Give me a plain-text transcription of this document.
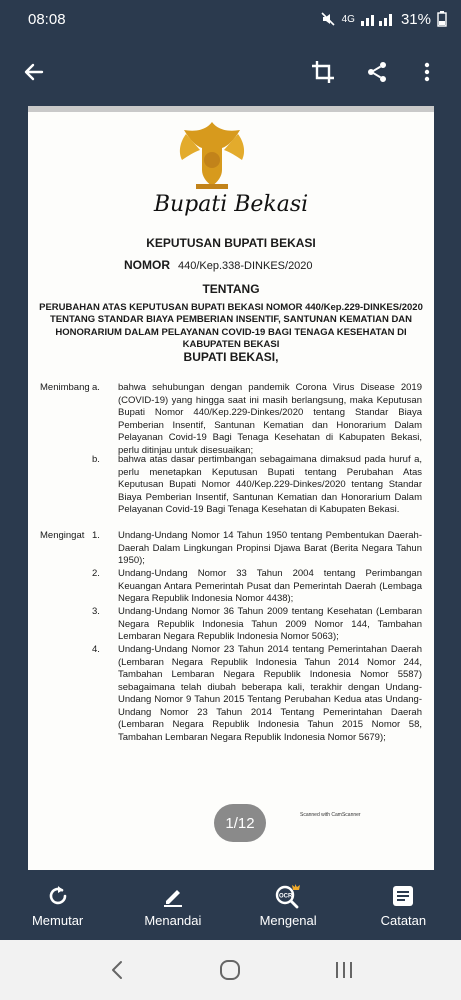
08:08	4G	31%
Bupati Bekasi
KEPUTUSAN BUPATI BEKASI
NOMOR 440/Kep.338-DINKES/2020
TENTANG
PERUBAHAN ATAS KEPUTUSAN BUPATI BEKASI NOMOR 440/Kep.229-DINKES/2020 TENTANG STANDAR BIAYA PEMBERIAN INSENTIF, SANTUNAN KEMATIAN DAN HONORARIUM DALAM PELAYANAN COVID-19 BAGI TENAGA KESEHATAN DI KABUPATEN BEKASI
BUPATI BEKASI,
Menimbang a. bahwa sehubungan dengan pandemik Corona Virus Disease 2019 (COVID-19) yang hingga saat ini masih berlangsung, maka Keputusan Bupati Nomor 440/Kep.229-Dinkes/2020 tentang Standar Biaya Pemberian Insentif, Santunan Kematian dan Honorarium Dalam Pelayanan Covid-19 Bagi Tenaga Kesehatan di Kabupaten Bekasi, perlu ditinjau untuk disesuaikan;
b. bahwa atas dasar pertimbangan sebagaimana dimaksud pada huruf a, perlu menetapkan Keputusan Bupati tentang Perubahan Atas Keputusan Bupati Nomor 440/Kep.229-Dinkes/2020 tentang Standar Biaya Pemberian Insentif, Santunan Kematian dan Honorarium Dalam Pelayanan Covid-19 Bagi Tenaga Kesehatan di Kabupaten Bekasi.
Mengingat 1. Undang-Undang Nomor 14 Tahun 1950 tentang Pembentukan Daerah-Daerah Dalam Lingkungan Propinsi Djawa Barat (Berita Negara Tahun 1950);
2. Undang-Undang Nomor 33 Tahun 2004 tentang Perimbangan Keuangan Antara Pemerintah Pusat dan Pemerintah Daerah (Lembaga Negara Republik Indonesia Nomor 4438);
3. Undang-Undang Nomor 36 Tahun 2009 tentang Kesehatan (Lembaran Negara Republik Indonesia Tahun 2009 Nomor 144, Tambahan Lembaran Negara Republik Indonesia Nomor 5063);
4. Undang-Undang Nomor 23 Tahun 2014 tentang Pemerintahan Daerah (Lembaran Negara Republik Indonesia Tahun 2014 Nomor 244, Tambahan Lembaran Negara Republik Indonesia Nomor 5587) sebagaimana telah diubah beberapa kali, terakhir dengan Undang-Undang Nomor 9 Tahun 2015 Tentang Perubahan Kedua atas Undang-Undang Nomor 23 Tahun 2014 Tentang Pemerintahan Daerah (Lembaran Negara Republik Indonesia Tahun 2015 Nomor 58, Tambahan Lembaran Negara Republik Indonesia Nomor 5679);
1/12	Scanned with CamScanner
Memutar	Menandai
OCR
Mengenal	Catatan
